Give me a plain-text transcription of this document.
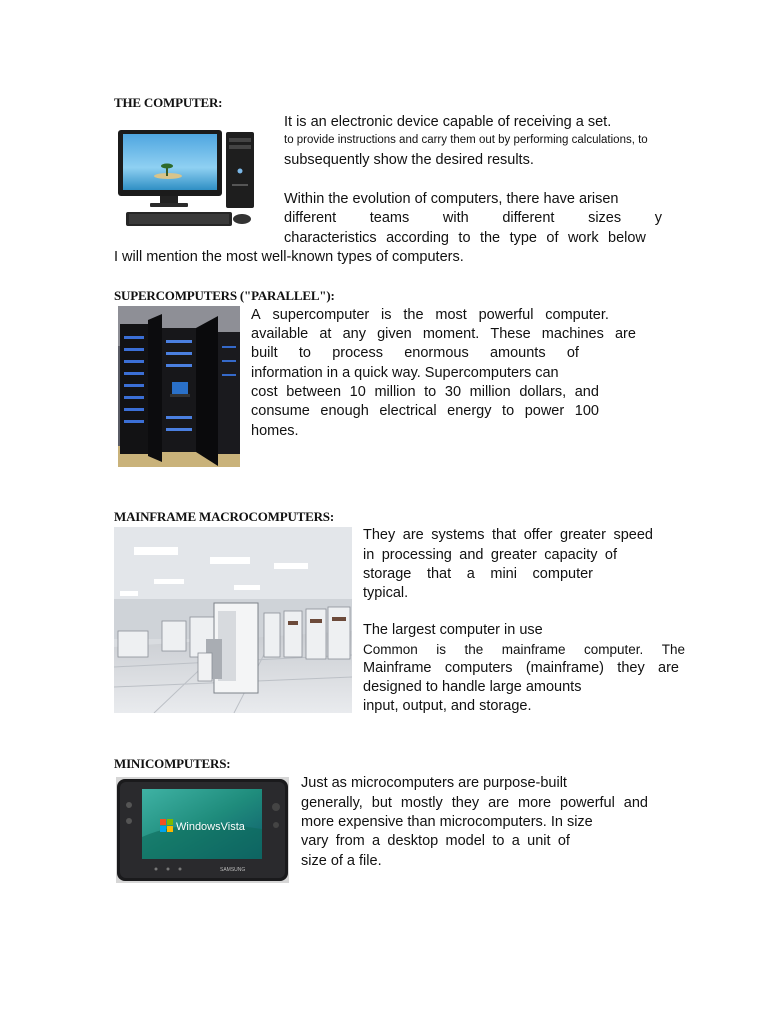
THE COMPUTER:
It is an electronic device capable of receiving a set.
to provide instructions and carry them out by performing calculations, to
subsequently show the desired results.
Within the evolution of computers, there have arisen
different teams with different sizes y
characteristics according to the type of work below
I will mention the most well-known types of computers.
SUPERCOMPUTERS ("PARALLEL"):
A supercomputer is the most powerful computer.
available at any given moment. These machines are
built to process enormous amounts of
information in a quick way. Supercomputers can
cost between 10 million to 30 million dollars, and
consume enough electrical energy to power 100
homes.
MAINFRAME MACROCOMPUTERS:
They are systems that offer greater speed
in processing and greater capacity of
storage that a mini computer
typical.
The largest computer in use
Common is the mainframe computer. The
Mainframe computers (mainframe) they are
designed to handle large amounts
input, output, and storage.
MINICOMPUTERS:
WindowsVista
SAMSUNG
Just as microcomputers are purpose-built
generally, but mostly they are more powerful and
more expensive than microcomputers. In size
vary from a desktop model to a unit of
size of a file.
